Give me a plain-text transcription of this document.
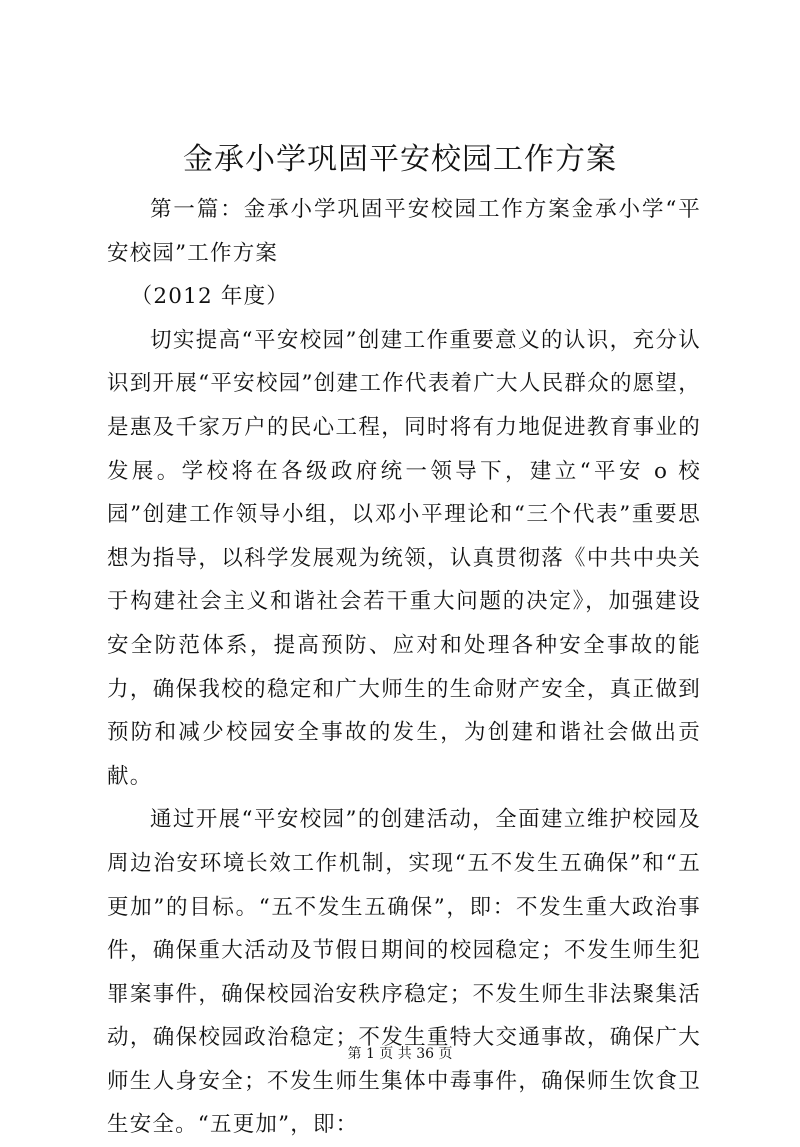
金承小学巩固平安校园工作方案

第一篇：金承小学巩固平安校园工作方案金承小学“平安校园”工作方案

（2012 年度）

切实提高“平安校园”创建工作重要意义的认识，充分认识到开展“平安校园”创建工作代表着广大人民群众的愿望，是惠及千家万户的民心工程，同时将有力地促进教育事业的发展。学校将在各级政府统一领导下，建立“平安 o 校园”创建工作领导小组，以邓小平理论和“三个代表”重要思想为指导，以科学发展观为统领，认真贯彻落《中共中央关于构建社会主义和谐社会若干重大问题的决定》，加强建设安全防范体系，提高预防、应对和处理各种安全事故的能力，确保我校的稳定和广大师生的生命财产安全，真正做到预防和减少校园安全事故的发生，为创建和谐社会做出贡献。

通过开展“平安校园”的创建活动，全面建立维护校园及周边治安环境长效工作机制，实现“五不发生五确保”和“五更加”的目标。“五不发生五确保”，即：不发生重大政治事件，确保重大活动及节假日期间的校园稳定；不发生师生犯罪案事件，确保校园治安秩序稳定；不发生师生非法聚集活动，确保校园政治稳定；不发生重特大交通事故，确保广大师生人身安全；不发生师生集体中毒事件，确保师生饮食卫生安全。“五更加”，即：

第 1 页 共 36 页
